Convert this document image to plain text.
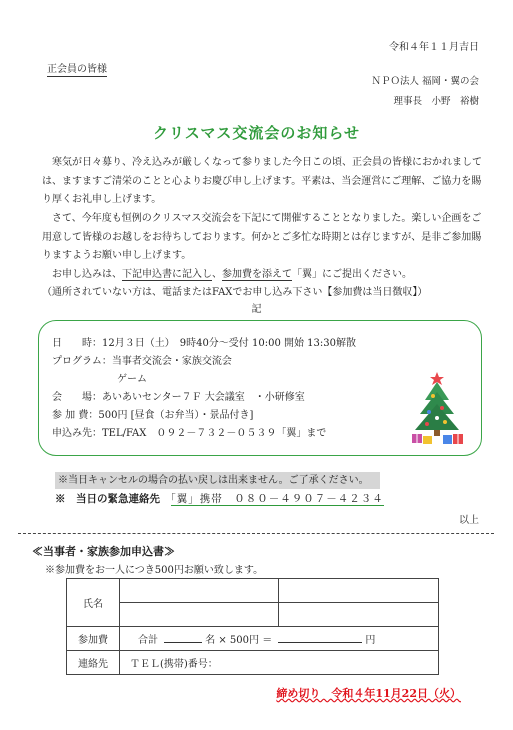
令和４年１１月吉日
正会員の皆様
ＮＰＯ法人 福岡・翼の会
理事長　小野　裕樹
クリスマス交流会のお知らせ
　寒気が日々募り、冷え込みが厳しくなって参りました今日この頃、正会員の皆様におかれましては、ますますご清栄のことと心よりお慶び申し上げます。平素は、当会運営にご理解、ご協力を賜り厚くお礼申し上げます。
　さて、今年度も恒例のクリスマス交流会を下記にて開催することとなりました。楽しい企画をご用意して皆様のお越しをお待ちしております。何かとご多忙な時期とは存じますが、是非ご参加賜りますようお願い申し上げます。
　お申し込みは、下記申込書に記入し、参加費を添えて「翼」にご提出ください。
（通所されていない方は、電話またはFAXでお申し込み下さい【参加費は当日徴収】）
記
日　　時：12月３日（土）　9時40分～受付 10:00 開始 13:30解散
プログラム：当事者交流会・家族交流会
ゲーム
会　　場：あいあいセンター７Ｆ 大会議室　・小研修室
参 加 費：500円 [昼食（お弁当）・景品付き]
申込み先：TEL/FAX　０９２－７３２－０５３９「翼」まで
※当日キャンセルの場合の払い戻しは出来ません。ご了承ください。
※　当日の緊急連絡先　 「翼」携帯　０８０－４９０７－４２３４
以上
≪当事者・家族参加申込書≫
※参加費をお一人につき500円お願い致します。
氏名		

参加費	合計 名 × 500円 ＝ 円	
連絡先	ＴＥＬ(携帯)番号：	
締め切り　令和４年11月22日（火）
